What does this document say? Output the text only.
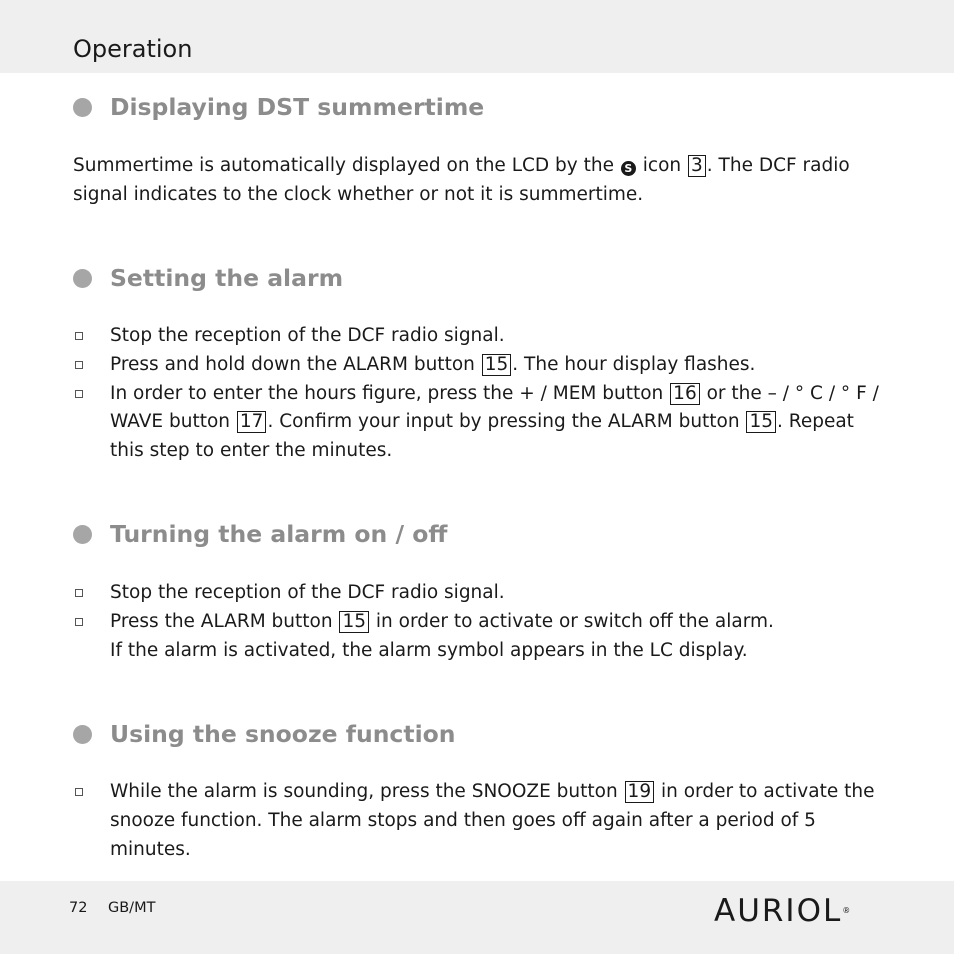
Operation
Displaying DST summertime

Summertime is automatically displayed on the LCD by the S icon 3 . The DCF radio signal indicates to the clock whether or not it is summertime.

Setting the alarm
Stop the reception of the DCF radio signal.
Press and hold down the ALARM button 15 . The hour display flashes.
In order to enter the hours figure, press the + / MEM button 16 or the – / ° C / ° F / WAVE button 17 . Confirm your input by pressing the ALARM button 15 . Repeat this step to enter the minutes.
Turning the alarm on / off
Stop the reception of the DCF radio signal.
Press the ALARM button 15 in order to activate or switch off the alarm.
If the alarm is activated, the alarm symbol appears in the LC display.
Using the snooze function
While the alarm is sounding, press the SNOOZE button 19 in order to activate the snooze function. The alarm stops and then goes off again after a period of 5 minutes.
72 GB/MT	AURIOL®
